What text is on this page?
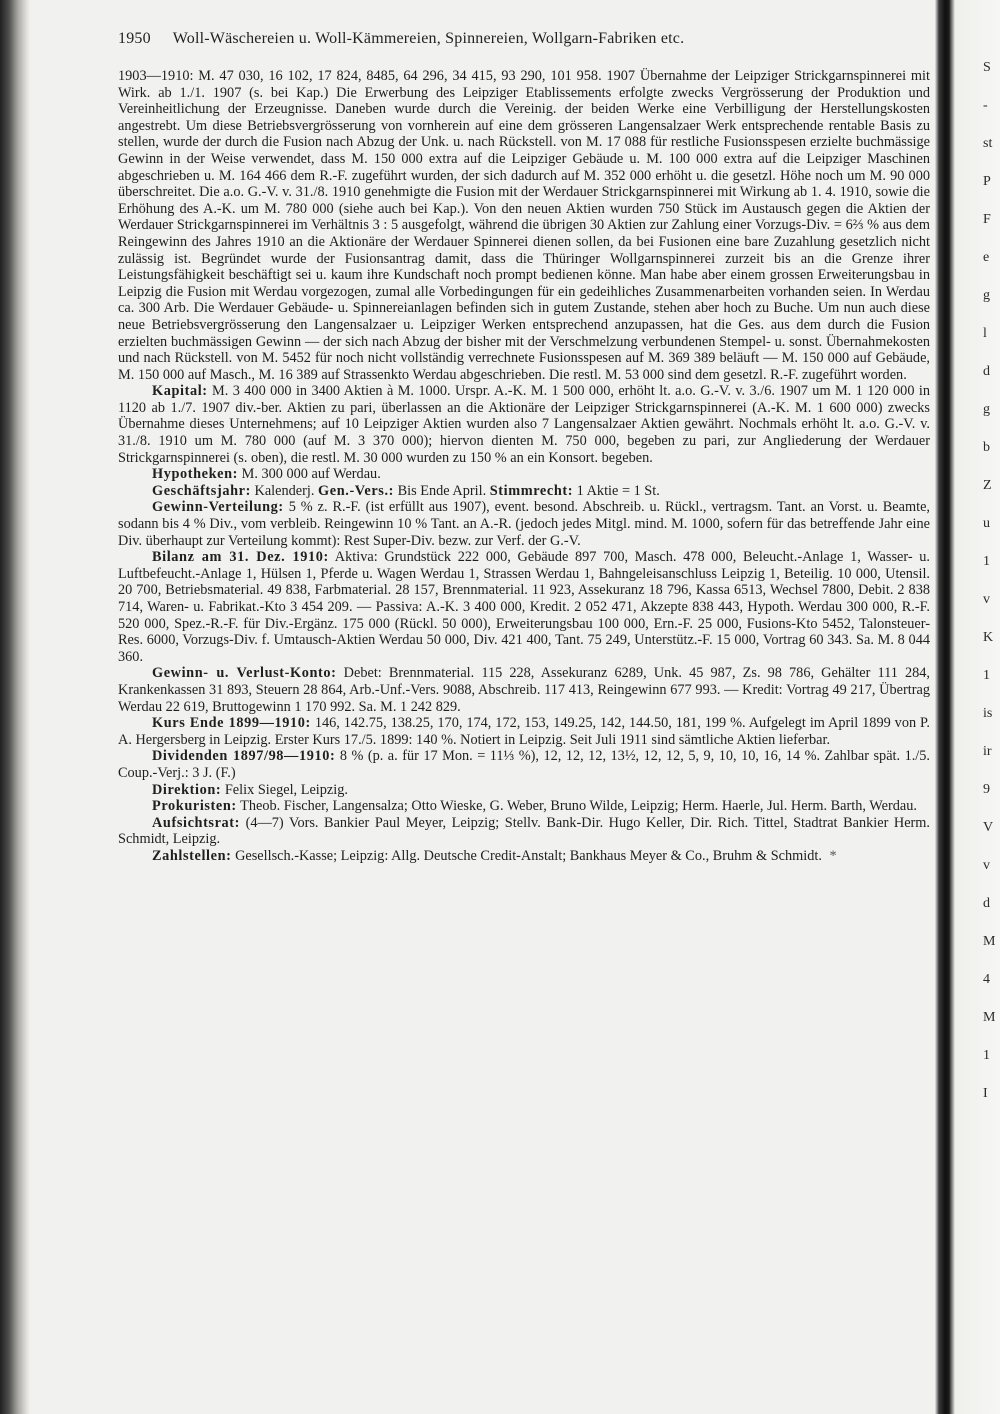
S
-
st
P
F
e
g
l
d
g
b
Z
u
1
v
K
1
is
ir
9
V
v
d
M
4
M
1
I
1950 Woll-Wäschereien u. Woll-Kämmereien, Spinnereien, Wollgarn-Fabriken etc.

1903—1910: M. 47 030, 16 102, 17 824, 8485, 64 296, 34 415, 93 290, 101 958. 1907 Übernahme der Leipziger Strickgarnspinnerei mit Wirk. ab 1./1. 1907 (s. bei Kap.) Die Erwerbung des Leipziger Etablissements erfolgte zwecks Vergrösserung der Produktion und Vereinheitlichung der Erzeugnisse. Daneben wurde durch die Vereinig. der beiden Werke eine Verbilligung der Herstellungskosten angestrebt. Um diese Betriebsvergrösserung von vornherein auf eine dem grösseren Langensalzaer Werk entsprechende rentable Basis zu stellen, wurde der durch die Fusion nach Abzug der Unk. u. nach Rückstell. von M. 17 088 für restliche Fusionsspesen erzielte buchmässige Gewinn in der Weise verwendet, dass M. 150 000 extra auf die Leipziger Gebäude u. M. 100 000 extra auf die Leipziger Maschinen abgeschrieben u. M. 164 466 dem R.-F. zugeführt wurden, der sich dadurch auf M. 352 000 erhöht u. die gesetzl. Höhe noch um M. 90 000 überschreitet. Die a.o. G.-V. v. 31./8. 1910 genehmigte die Fusion mit der Werdauer Strickgarnspinnerei mit Wirkung ab 1. 4. 1910, sowie die Erhöhung des A.-K. um M. 780 000 (siehe auch bei Kap.). Von den neuen Aktien wurden 750 Stück im Austausch gegen die Aktien der Werdauer Strickgarnspinnerei im Verhältnis 3 : 5 ausgefolgt, während die übrigen 30 Aktien zur Zahlung einer Vorzugs-Div. = 6⅔ % aus dem Reingewinn des Jahres 1910 an die Aktionäre der Werdauer Spinnerei dienen sollen, da bei Fusionen eine bare Zuzahlung gesetzlich nicht zulässig ist. Begründet wurde der Fusionsantrag damit, dass die Thüringer Wollgarnspinnerei zurzeit bis an die Grenze ihrer Leistungsfähigkeit beschäftigt sei u. kaum ihre Kundschaft noch prompt bedienen könne. Man habe aber einem grossen Erweiterungsbau in Leipzig die Fusion mit Werdau vorgezogen, zumal alle Vorbedingungen für ein gedeihliches Zusammenarbeiten vorhanden seien. In Werdau ca. 300 Arb. Die Werdauer Gebäude- u. Spinnereianlagen befinden sich in gutem Zustande, stehen aber hoch zu Buche. Um nun auch diese neue Betriebsvergrösserung den Langensalzaer u. Leipziger Werken entsprechend anzupassen, hat die Ges. aus dem durch die Fusion erzielten buchmässigen Gewinn — der sich nach Abzug der bisher mit der Verschmelzung verbundenen Stempel- u. sonst. Übernahmekosten und nach Rückstell. von M. 5452 für noch nicht vollständig verrechnete Fusionsspesen auf M. 369 389 beläuft — M. 150 000 auf Gebäude, M. 150 000 auf Masch., M. 16 389 auf Strassenkto Werdau abgeschrieben. Die restl. M. 53 000 sind dem gesetzl. R.-F. zugeführt worden.

Kapital: M. 3 400 000 in 3400 Aktien à M. 1000. Urspr. A.-K. M. 1 500 000, erhöht lt. a.o. G.-V. v. 3./6. 1907 um M. 1 120 000 in 1120 ab 1./7. 1907 div.-ber. Aktien zu pari, überlassen an die Aktionäre der Leipziger Strickgarnspinnerei (A.-K. M. 1 600 000) zwecks Übernahme dieses Unternehmens; auf 10 Leipziger Aktien wurden also 7 Langensalzaer Aktien gewährt. Nochmals erhöht lt. a.o. G.-V. v. 31./8. 1910 um M. 780 000 (auf M. 3 370 000); hiervon dienten M. 750 000, begeben zu pari, zur Angliederung der Werdauer Strickgarnspinnerei (s. oben), die restl. M. 30 000 wurden zu 150 % an ein Konsort. begeben.

Hypotheken: M. 300 000 auf Werdau.

Geschäftsjahr: Kalenderj. Gen.-Vers.: Bis Ende April. Stimmrecht: 1 Aktie = 1 St.

Gewinn-Verteilung: 5 % z. R.-F. (ist erfüllt aus 1907), event. besond. Abschreib. u. Rückl., vertragsm. Tant. an Vorst. u. Beamte, sodann bis 4 % Div., vom verbleib. Reingewinn 10 % Tant. an A.-R. (jedoch jedes Mitgl. mind. M. 1000, sofern für das betreffende Jahr eine Div. überhaupt zur Verteilung kommt): Rest Super-Div. bezw. zur Verf. der G.-V.

Bilanz am 31. Dez. 1910: Aktiva: Grundstück 222 000, Gebäude 897 700, Masch. 478 000, Beleucht.-Anlage 1, Wasser- u. Luftbefeucht.-Anlage 1, Hülsen 1, Pferde u. Wagen Werdau 1, Strassen Werdau 1, Bahngeleisanschluss Leipzig 1, Beteilig. 10 000, Utensil. 20 700, Betriebsmaterial. 49 838, Farbmaterial. 28 157, Brennmaterial. 11 923, Assekuranz 18 796, Kassa 6513, Wechsel 7800, Debit. 2 838 714, Waren- u. Fabrikat.-Kto 3 454 209. — Passiva: A.-K. 3 400 000, Kredit. 2 052 471, Akzepte 838 443, Hypoth. Werdau 300 000, R.-F. 520 000, Spez.-R.-F. für Div.-Ergänz. 175 000 (Rückl. 50 000), Erweiterungsbau 100 000, Ern.-F. 25 000, Fusions-Kto 5452, Talonsteuer-Res. 6000, Vorzugs-Div. f. Umtausch-Aktien Werdau 50 000, Div. 421 400, Tant. 75 249, Unterstütz.-F. 15 000, Vortrag 60 343. Sa. M. 8 044 360.

Gewinn- u. Verlust-Konto: Debet: Brennmaterial. 115 228, Assekuranz 6289, Unk. 45 987, Zs. 98 786, Gehälter 111 284, Krankenkassen 31 893, Steuern 28 864, Arb.-Unf.-Vers. 9088, Abschreib. 117 413, Reingewinn 677 993. — Kredit: Vortrag 49 217, Übertrag Werdau 22 619, Bruttogewinn 1 170 992. Sa. M. 1 242 829.

Kurs Ende 1899—1910: 146, 142.75, 138.25, 170, 174, 172, 153, 149.25, 142, 144.50, 181, 199 %. Aufgelegt im April 1899 von P. A. Hergersberg in Leipzig. Erster Kurs 17./5. 1899: 140 %. Notiert in Leipzig. Seit Juli 1911 sind sämtliche Aktien lieferbar.

Dividenden 1897/98—1910: 8 % (p. a. für 17 Mon. = 11⅓ %), 12, 12, 12, 13½, 12, 12, 5, 9, 10, 10, 16, 14 %. Zahlbar spät. 1./5. Coup.-Verj.: 3 J. (F.)

Direktion: Felix Siegel, Leipzig.

Prokuristen: Theob. Fischer, Langensalza; Otto Wieske, G. Weber, Bruno Wilde, Leipzig; Herm. Haerle, Jul. Herm. Barth, Werdau.

Aufsichtsrat: (4—7) Vors. Bankier Paul Meyer, Leipzig; Stellv. Bank-Dir. Hugo Keller, Dir. Rich. Tittel, Stadtrat Bankier Herm. Schmidt, Leipzig.

Zahlstellen: Gesellsch.-Kasse; Leipzig: Allg. Deutsche Credit-Anstalt; Bankhaus Meyer & Co., Bruhm & Schmidt. *
